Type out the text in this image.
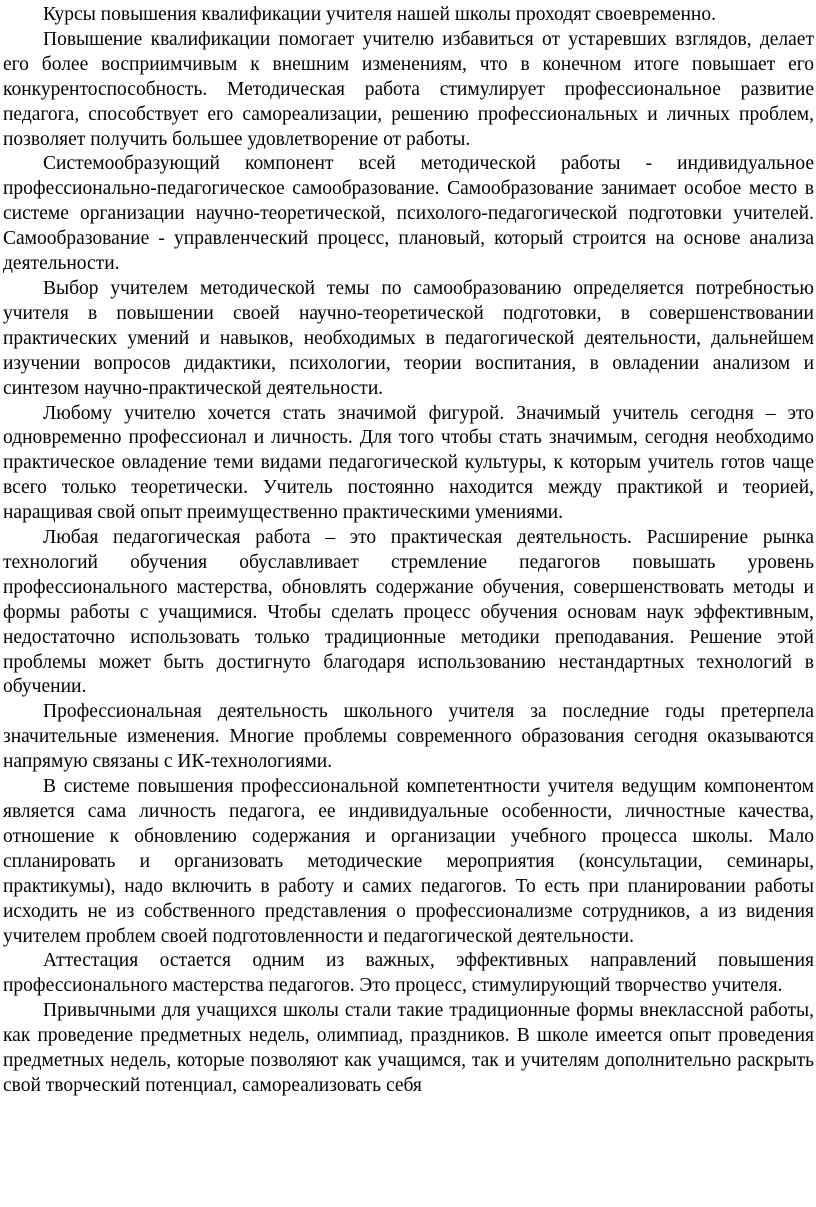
Курсы повышения квалификации учителя нашей школы проходят своевременно.

Повышение квалификации помогает учителю избавиться от устаревших взглядов, делает его более восприимчивым к внешним изменениям, что в конечном итоге повышает его конкурентоспособность. Методическая работа стимулирует профессиональное развитие педагога, способствует его самореализации, решению профессиональных и личных проблем, позволяет получить большее удовлетворение от работы.

Системообразующий компонент всей методической работы - индивидуальное профессионально-педагогическое самообразование. Самообразование занимает особое место в системе организации научно-теоретической, психолого-педагогической подготовки учителей. Самообразование - управленческий процесс, плановый, который строится на основе анализа деятельности.

Выбор учителем методической темы по самообразованию определяется потребностью учителя в повышении своей научно-теоретической подготовки, в совершенствовании практических умений и навыков, необходимых в педагогической деятельности, дальнейшем изучении вопросов дидактики, психологии, теории воспитания, в овладении анализом и синтезом научно-практической деятельности.

Любому учителю хочется стать значимой фигурой. Значимый учитель сегодня – это одновременно профессионал и личность. Для того чтобы стать значимым, сегодня необходимо практическое овладение теми видами педагогической культуры, к которым учитель готов чаще всего только теоретически. Учитель постоянно находится между практикой и теорией, наращивая свой опыт преимущественно практическими умениями.

Любая педагогическая работа – это практическая деятельность. Расширение рынка технологий обучения обуславливает стремление педагогов повышать уровень профессионального мастерства, обновлять содержание обучения, совершенствовать методы и формы работы с учащимися. Чтобы сделать процесс обучения основам наук эффективным, недостаточно использовать только традиционные методики преподавания. Решение этой проблемы может быть достигнуто благодаря использованию нестандартных технологий в обучении.

Профессиональная деятельность школьного учителя за последние годы претерпела значительные изменения. Многие проблемы современного образования сегодня оказываются напрямую связаны с ИК-технологиями.

В системе повышения профессиональной компетентности учителя ведущим компонентом является сама личность педагога, ее индивидуальные особенности, личностные качества, отношение к обновлению содержания и организации учебного процесса школы. Мало спланировать и организовать методические мероприятия (консультации, семинары, практикумы), надо включить в работу и самих педагогов. То есть при планировании работы исходить не из собственного представления о профессионализме сотрудников, а из видения учителем проблем своей подготовленности и педагогической деятельности.

Аттестация остается одним из важных, эффективных направлений повышения профессионального мастерства педагогов. Это процесс, стимулирующий творчество учителя.

Привычными для учащихся школы стали такие традиционные формы внеклассной работы, как проведение предметных недель, олимпиад, праздников. В школе имеется опыт проведения предметных недель, которые позволяют как учащимся, так и учителям дополнительно раскрыть свой творческий потенциал, самореализовать себя
